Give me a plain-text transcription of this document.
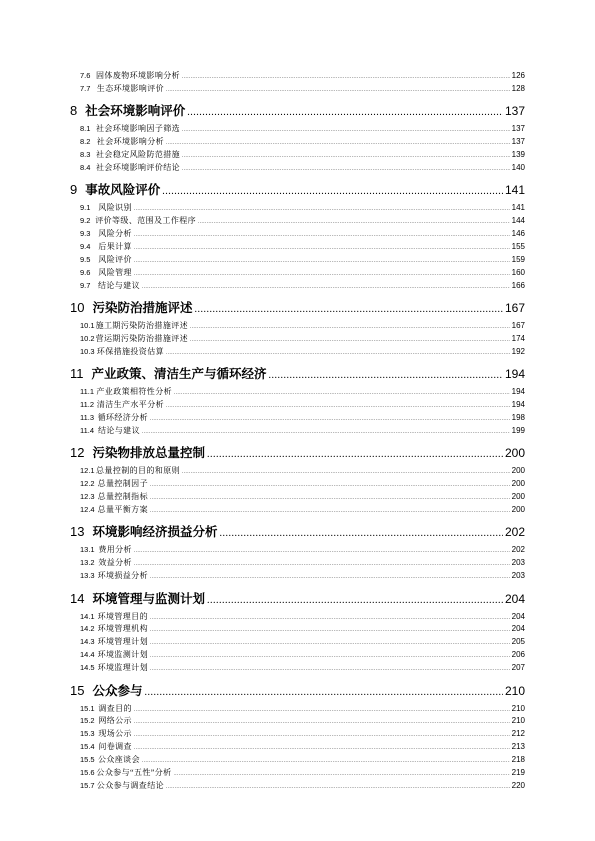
7.6 固体废物环境影响分析 .....	126
7.7 生态环境影响评价 .....	128
8 社会环境影响评价 .....	137
8.1 社会环境影响因子筛选 .....	137
8.2 社会环境影响分析 .....	137
8.3 社会稳定风险防范措施 .....	139
8.4 社会环境影响评价结论 .....	140
9 事故风险评价 .....	141
9.1 风险识别 .....	141
9.2 评价等级、范围及工作程序 .....	144
9.3 风险分析 .....	146
9.4 后果计算 .....	155
9.5 风险评价 .....	159
9.6 风险管理 .....	160
9.7 结论与建议 .....	166
10 污染防治措施评述 .....	167
10.1 施工期污染防治措施评述 .....	167
10.2 营运期污染防治措施评述 .....	174
10.3 环保措施投资估算 .....	192
11 产业政策、清洁生产与循环经济 .....	194
11.1 产业政策相符性分析 .....	194
11.2 清洁生产水平分析 .....	194
11.3 循环经济分析 .....	198
11.4 结论与建议 .....	199
12 污染物排放总量控制 .....	200
12.1 总量控制的目的和原则 .....	200
12.2 总量控制因子 .....	200
12.3 总量控制指标 .....	200
12.4 总量平衡方案 .....	200
13 环境影响经济损益分析 .....	202
13.1 费用分析 .....	202
13.2 效益分析 .....	203
13.3 环境损益分析 .....	203
14 环境管理与监测计划 .....	204
14.1 环境管理目的 .....	204
14.2 环境管理机构 .....	204
14.3 环境管理计划 .....	205
14.4 环境监测计划 .....	206
14.5 环境监理计划 .....	207
15 公众参与 .....	210
15.1 调查目的 .....	210
15.2 网络公示 .....	210
15.3 现场公示 .....	212
15.4 问卷调查 .....	213
15.5 公众座谈会 .....	218
15.6 公众参与“五性”分析 .....	219
15.7 公众参与调查结论 .....	220
